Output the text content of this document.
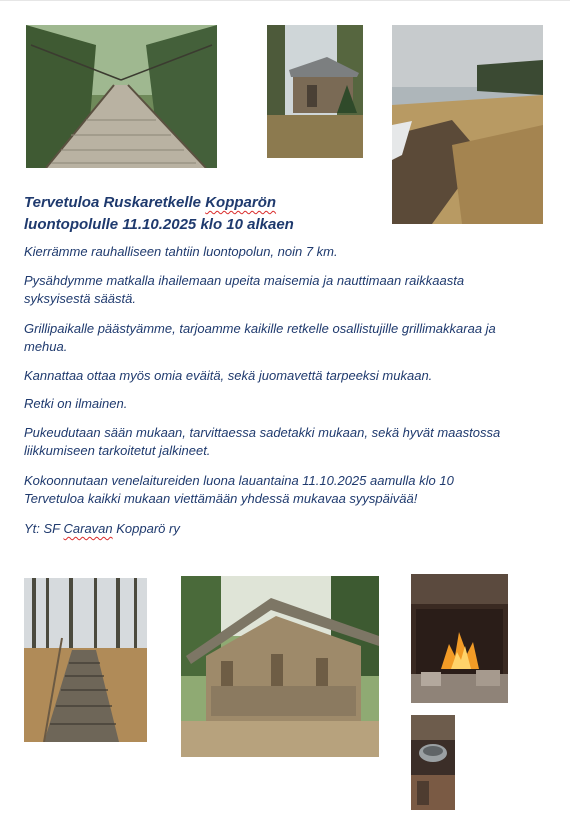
Tervetuloa Ruskaretkelle Kopparön
luontopolulle 11.10.2025 klo 10 alkaen

Kierrämme rauhalliseen tahtiin luontopolun, noin 7 km.

Pysähdymme matkalla ihailemaan upeita maisemia ja nauttimaan raikkaasta
syksyisestä säästä.

Grillipaikalle päästyämme, tarjoamme kaikille retkelle osallistujille grillimakkaraa ja
mehua.

Kannattaa ottaa myös omia eväitä, sekä juomavettä tarpeeksi mukaan.

Retki on ilmainen.

Pukeudutaan sään mukaan, tarvittaessa sadetakki mukaan, sekä hyvät maastossa
liikkumiseen tarkoitetut jalkineet.

Kokoonnutaan venelaitureiden luona lauantaina 11.10.2025 aamulla klo 10
Tervetuloa kaikki mukaan viettämään yhdessä mukavaa syyspäivää!

Yt: SF Caravan Kopparö ry
